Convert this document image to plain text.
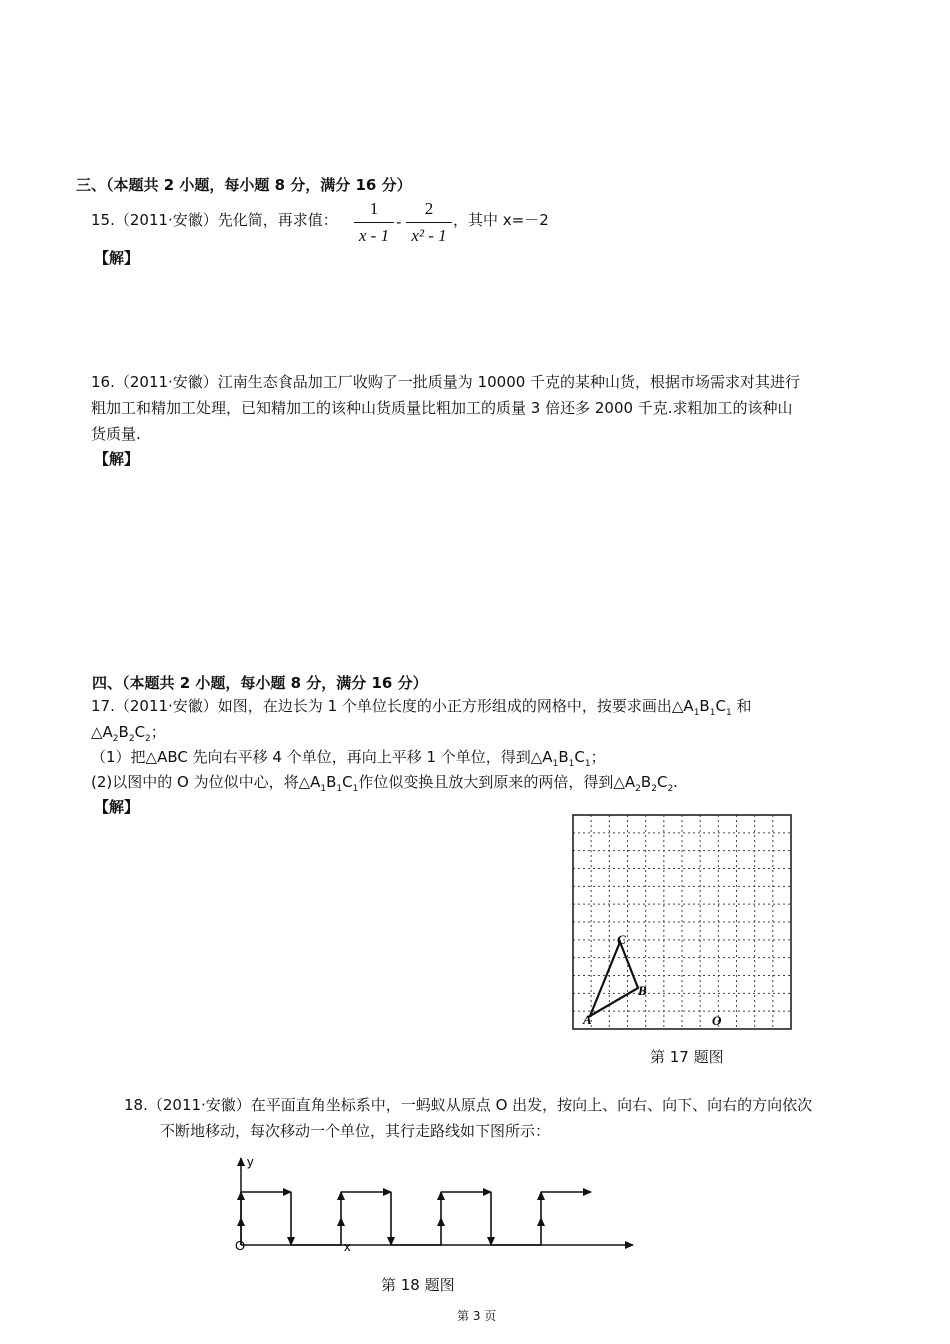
三、（本题共 2 小题，每小题 8 分，满分 16 分）
15.（2011·安徽）先化简，再求值：
1
x - 1
-
2
x² - 1
，其中 x=－2
【解】
16.（2011·安徽）江南生态食品加工厂收购了一批质量为 10000 千克的某种山货，根据市场需求对其进行
粗加工和精加工处理，已知精加工的该种山货质量比粗加工的质量 3 倍还多 2000 千克.求粗加工的该种山
货质量.
【解】
四、（本题共 2 小题，每小题 8 分，满分 16 分）
17.（2011·安徽）如图，在边长为 1 个单位长度的小正方形组成的网格中，按要求画出$\triangle A_1B_1C_1$ 和
$\triangle A_2B_2C_2$；
（1）把△ABC 先向右平移 4 个单位，再向上平移 1 个单位，得到$\triangle A_1B_1C_1$；
(2)以图中的 O 为位似中心，将$\triangle A_1B_1C_1$作位似变换且放大到原来的两倍，得到$\triangle A_2B_2C_2$.
【解】
A
B
C
O
第 17 题图
18.（2011·安徽）在平面直角坐标系中，一蚂蚁从原点 O 出发，按向上、向右、向下、向右的方向依次
不断地移动，每次移动一个单位，其行走路线如下图所示：
y
x
O
第 18 题图
第 3 页
